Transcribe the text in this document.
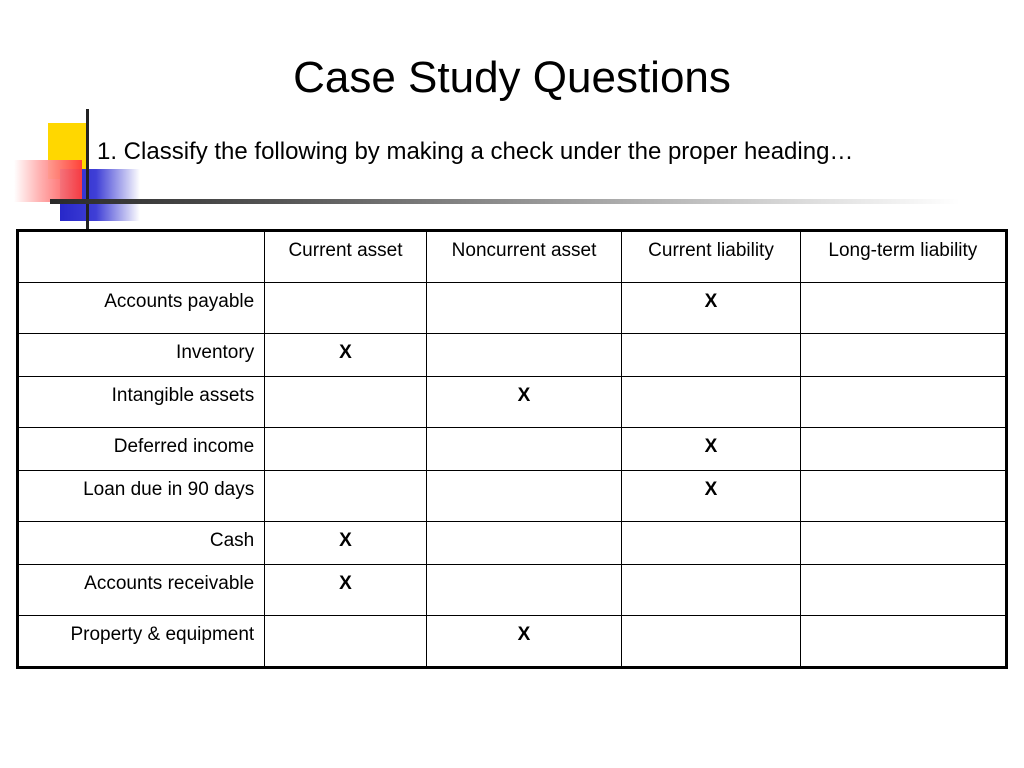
Case Study Questions

1. Classify the following by making a check under the proper heading…

	Current asset	Noncurrent asset	Current liability	Long-term liability
Accounts payable			X	
Inventory	X			
Intangible assets		X		
Deferred income			X	
Loan due in 90 days			X	
Cash	X			
Accounts receivable	X			
Property & equipment		X		
